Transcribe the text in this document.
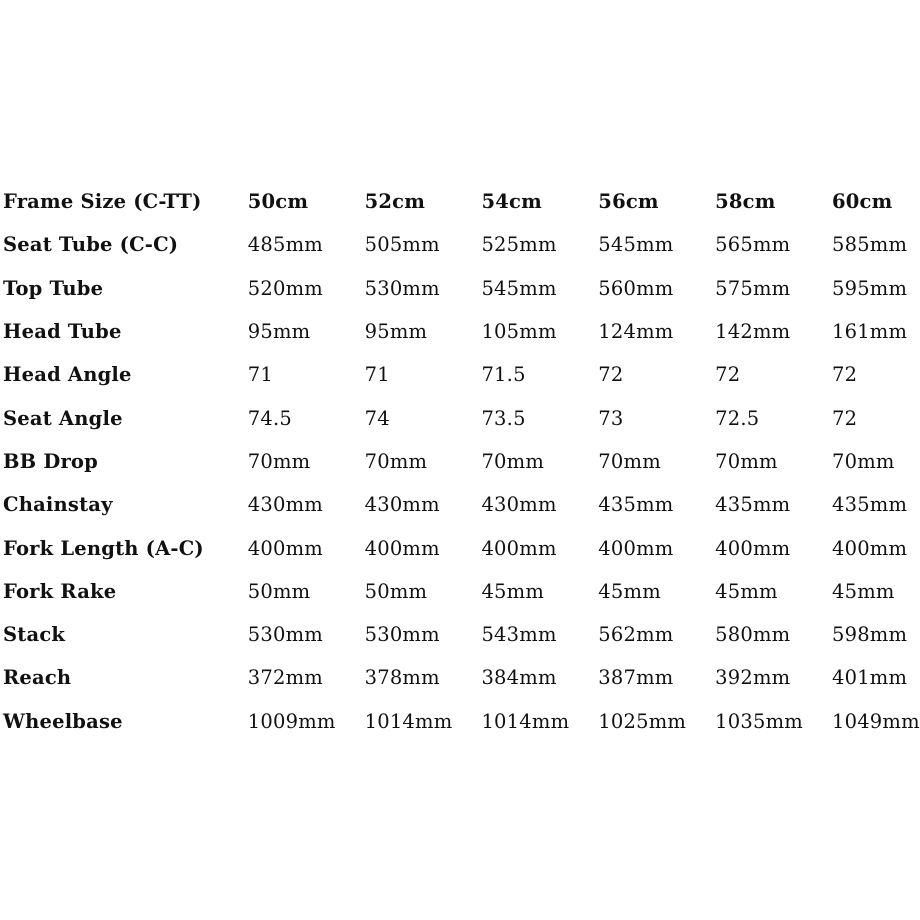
Frame Size (C-TT)	50cm	52cm	54cm	56cm	58cm	60cm
Seat Tube (C-C)	485mm	505mm	525mm	545mm	565mm	585mm
Top Tube	520mm	530mm	545mm	560mm	575mm	595mm
Head Tube	95mm	95mm	105mm	124mm	142mm	161mm
Head Angle	71	71	71.5	72	72	72
Seat Angle	74.5	74	73.5	73	72.5	72
BB Drop	70mm	70mm	70mm	70mm	70mm	70mm
Chainstay	430mm	430mm	430mm	435mm	435mm	435mm
Fork Length (A-C)	400mm	400mm	400mm	400mm	400mm	400mm
Fork Rake	50mm	50mm	45mm	45mm	45mm	45mm
Stack	530mm	530mm	543mm	562mm	580mm	598mm
Reach	372mm	378mm	384mm	387mm	392mm	401mm
Wheelbase	1009mm	1014mm	1014mm	1025mm	1035mm	1049mm
